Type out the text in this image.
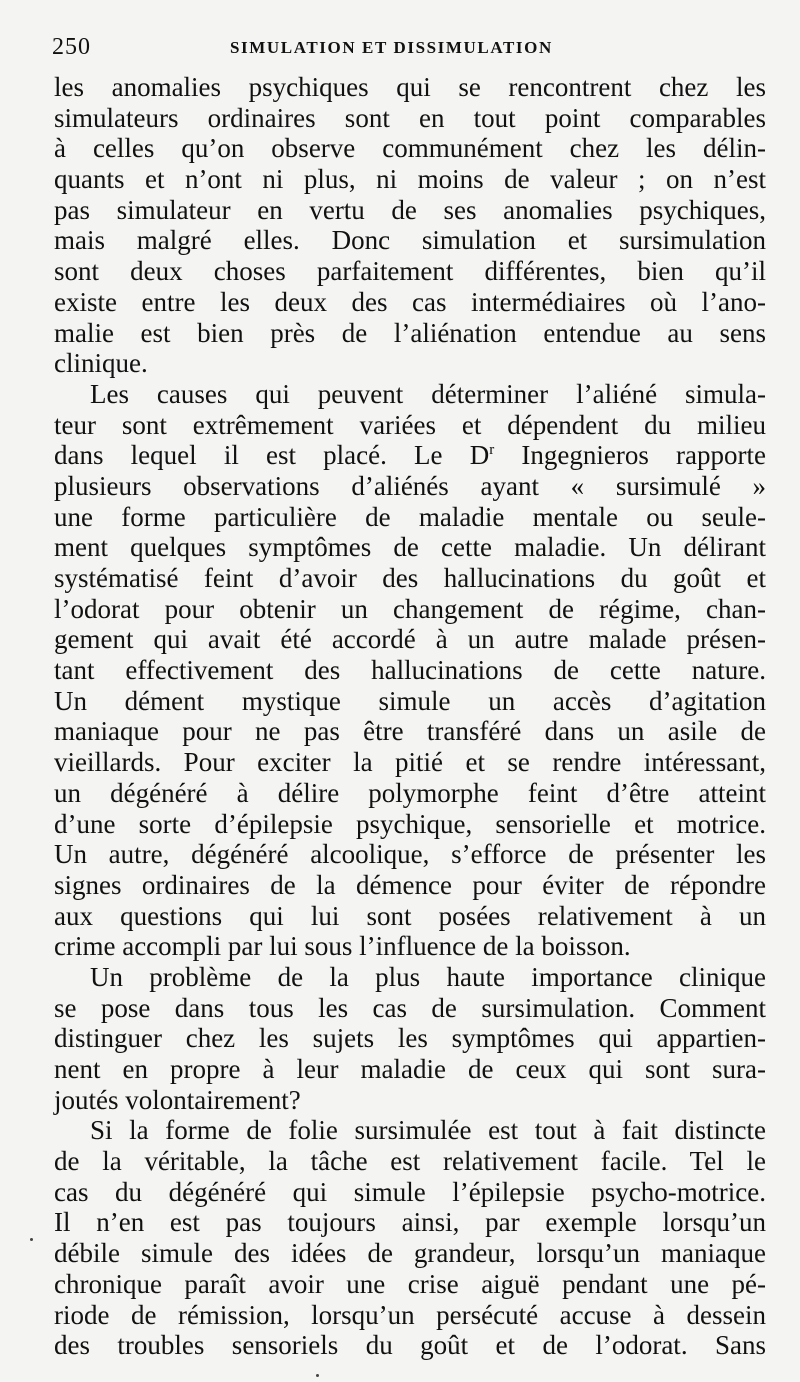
250	SIMULATION ET DISSIMULATION
les anomalies psychiques qui se rencontrent chez les
simulateurs ordinaires sont en tout point comparables
à celles qu’on observe communément chez les délin-
quants et n’ont ni plus, ni moins de valeur ; on n’est
pas simulateur en vertu de ses anomalies psychiques,
mais malgré elles. Donc simulation et sursimulation
sont deux choses parfaitement différentes, bien qu’il
existe entre les deux des cas intermédiaires où l’ano-
malie est bien près de l’aliénation entendue au sens
clinique.
Les causes qui peuvent déterminer l’aliéné simula-
teur sont extrêmement variées et dépendent du milieu
dans lequel il est placé. Le $D^r$ Ingegnieros rapporte
plusieurs observations d’aliénés ayant « sursimulé »
une forme particulière de maladie mentale ou seule-
ment quelques symptômes de cette maladie. Un délirant
systématisé feint d’avoir des hallucinations du goût et
l’odorat pour obtenir un changement de régime, chan-
gement qui avait été accordé à un autre malade présen-
tant effectivement des hallucinations de cette nature.
Un dément mystique simule un accès d’agitation
maniaque pour ne pas être transféré dans un asile de
vieillards. Pour exciter la pitié et se rendre intéressant,
un dégénéré à délire polymorphe feint d’être atteint
d’une sorte d’épilepsie psychique, sensorielle et motrice.
Un autre, dégénéré alcoolique, s’efforce de présenter les
signes ordinaires de la démence pour éviter de répondre
aux questions qui lui sont posées relativement à un
crime accompli par lui sous l’influence de la boisson.
Un problème de la plus haute importance clinique
se pose dans tous les cas de sursimulation. Comment
distinguer chez les sujets les symptômes qui appartien-
nent en propre à leur maladie de ceux qui sont sura-
joutés volontairement?
Si la forme de folie sursimulée est tout à fait distincte
de la véritable, la tâche est relativement facile. Tel le
cas du dégénéré qui simule l’épilepsie psycho-motrice.
Il n’en est pas toujours ainsi, par exemple lorsqu’un
débile simule des idées de grandeur, lorsqu’un maniaque
chronique paraît avoir une crise aiguë pendant une pé-
riode de rémission, lorsqu’un persécuté accuse à dessein
des troubles sensoriels du goût et de l’odorat. Sans
